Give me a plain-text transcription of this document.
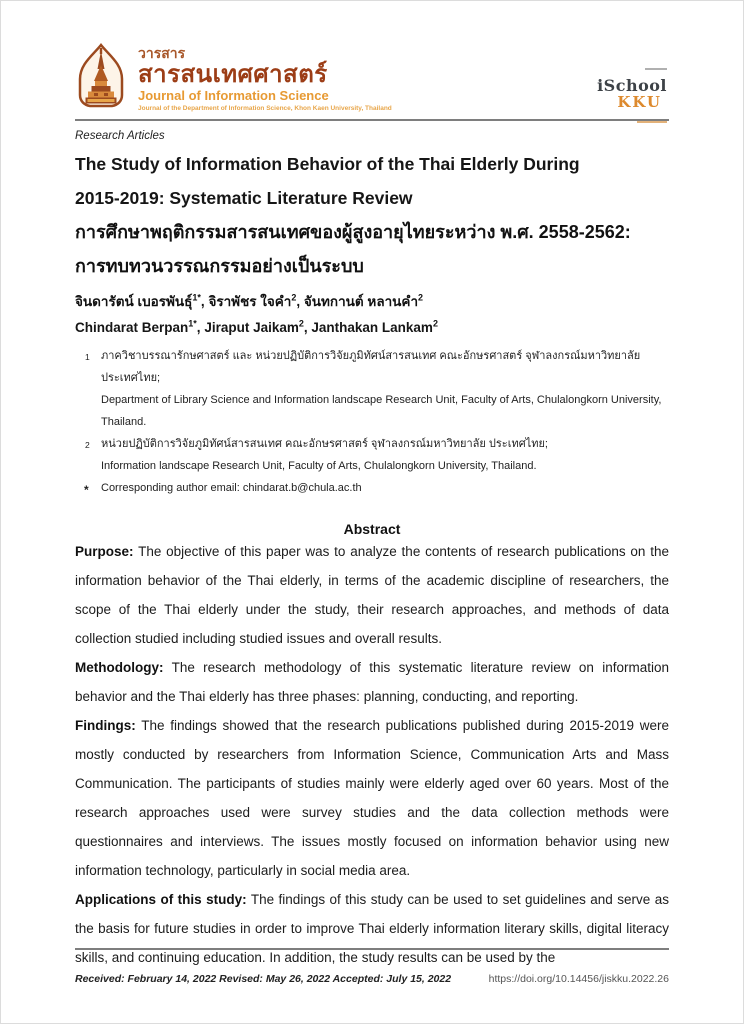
วารสาร
สารสนเทศศาสตร์
Journal of Information Science
Journal of the Department of Information Science, Khon Kaen University, Thailand
iSchool
KKU
Research Articles
The Study of Information Behavior of the Thai Elderly During
2015-2019: Systematic Literature Review
การศึกษาพฤติกรรมสารสนเทศของผู้สูงอายุไทยระหว่าง พ.ศ. 2558-2562:
การทบทวนวรรณกรรมอย่างเป็นระบบ
จินดารัตน์ เบอรพันธุ์$^{1*}$, จิราพัชร ใจคำ$^2$, จันทกานต์ หลานคำ$^2$
Chindarat Berpan$^{1*}$, Jiraput Jaikam$^2$, Janthakan Lankam$^2$
1 ภาควิชาบรรณารักษศาสตร์ และ หน่วยปฏิบัติการวิจัยภูมิทัศน์สารสนเทศ คณะอักษรศาสตร์ จุฬาลงกรณ์มหาวิทยาลัย ประเทศไทย;
Department of Library Science and Information landscape Research Unit, Faculty of Arts, Chulalongkorn University, Thailand.
2 หน่วยปฏิบัติการวิจัยภูมิทัศน์สารสนเทศ คณะอักษรศาสตร์ จุฬาลงกรณ์มหาวิทยาลัย ประเทศไทย;
Information landscape Research Unit, Faculty of Arts, Chulalongkorn University, Thailand.
* Corresponding author email: chindarat.b@chula.ac.th
Abstract

Purpose: The objective of this paper was to analyze the contents of research publications on the information behavior of the Thai elderly, in terms of the academic discipline of researchers, the scope of the Thai elderly under the study, their research approaches, and methods of data collection studied including studied issues and overall results.

Methodology: The research methodology of this systematic literature review on information behavior and the Thai elderly has three phases: planning, conducting, and reporting.

Findings: The findings showed that the research publications published during 2015-2019 were mostly conducted by researchers from Information Science, Communication Arts and Mass Communication. The participants of studies mainly were elderly aged over 60 years. Most of the research approaches used were survey studies and the data collection methods were questionnaires and interviews. The issues mostly focused on information behavior using new information technology, particularly in social media area.

Applications of this study: The findings of this study can be used to set guidelines and serve as the basis for future studies in order to improve Thai elderly information literary skills, digital literacy skills, and continuing education. In addition, the study results can be used by the

Received: February 14, 2022 Revised: May 26, 2022 Accepted: July 15, 2022	https://doi.org/10.14456/jiskku.2022.26
